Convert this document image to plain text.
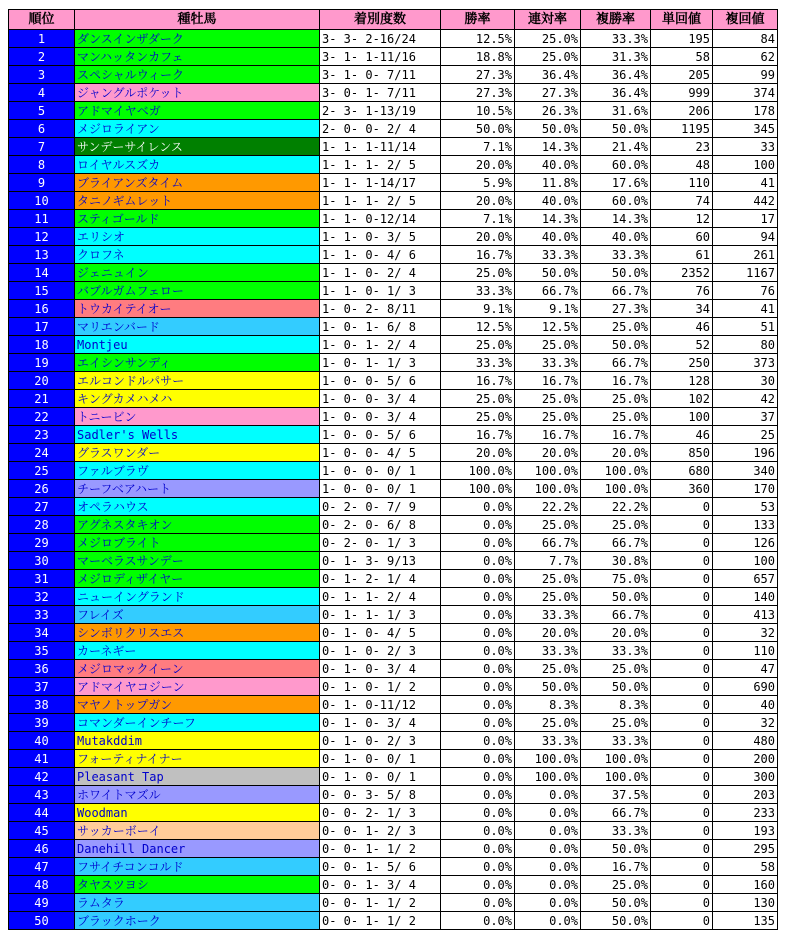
順位	種牡馬	着別度数	勝率	連対率	複勝率	単回値	複回値
1	ダンスインザダーク	3- 3- 2-16/24	12.5%	25.0%	33.3%	195	84
2	マンハッタンカフェ	3- 1- 1-11/16	18.8%	25.0%	31.3%	58	62
3	スペシャルウィーク	3- 1- 0- 7/11	27.3%	36.4%	36.4%	205	99
4	ジャングルポケット	3- 0- 1- 7/11	27.3%	27.3%	36.4%	999	374
5	アドマイヤベガ	2- 3- 1-13/19	10.5%	26.3%	31.6%	206	178
6	メジロライアン	2- 0- 0- 2/ 4	50.0%	50.0%	50.0%	1195	345
7	サンデーサイレンス	1- 1- 1-11/14	7.1%	14.3%	21.4%	23	33
8	ロイヤルスズカ	1- 1- 1- 2/ 5	20.0%	40.0%	60.0%	48	100
9	ブライアンズタイム	1- 1- 1-14/17	5.9%	11.8%	17.6%	110	41
10	タニノギムレット	1- 1- 1- 2/ 5	20.0%	40.0%	60.0%	74	442
11	スティゴールド	1- 1- 0-12/14	7.1%	14.3%	14.3%	12	17
12	エリシオ	1- 1- 0- 3/ 5	20.0%	40.0%	40.0%	60	94
13	クロフネ	1- 1- 0- 4/ 6	16.7%	33.3%	33.3%	61	261
14	ジェニュイン	1- 1- 0- 2/ 4	25.0%	50.0%	50.0%	2352	1167
15	バブルガムフェロー	1- 1- 0- 1/ 3	33.3%	66.7%	66.7%	76	76
16	トウカイテイオー	1- 0- 2- 8/11	9.1%	9.1%	27.3%	34	41
17	マリエンバード	1- 0- 1- 6/ 8	12.5%	12.5%	25.0%	46	51
18	Montjeu	1- 0- 1- 2/ 4	25.0%	25.0%	50.0%	52	80
19	エイシンサンディ	1- 0- 1- 1/ 3	33.3%	33.3%	66.7%	250	373
20	エルコンドルパサー	1- 0- 0- 5/ 6	16.7%	16.7%	16.7%	128	30
21	キングカメハメハ	1- 0- 0- 3/ 4	25.0%	25.0%	25.0%	102	42
22	トニービン	1- 0- 0- 3/ 4	25.0%	25.0%	25.0%	100	37
23	Sadler's Wells	1- 0- 0- 5/ 6	16.7%	16.7%	16.7%	46	25
24	グラスワンダー	1- 0- 0- 4/ 5	20.0%	20.0%	20.0%	850	196
25	ファルブラヴ	1- 0- 0- 0/ 1	100.0%	100.0%	100.0%	680	340
26	チーフベアハート	1- 0- 0- 0/ 1	100.0%	100.0%	100.0%	360	170
27	オペラハウス	0- 2- 0- 7/ 9	0.0%	22.2%	22.2%	0	53
28	アグネスタキオン	0- 2- 0- 6/ 8	0.0%	25.0%	25.0%	0	133
29	メジロブライト	0- 2- 0- 1/ 3	0.0%	66.7%	66.7%	0	126
30	マーベラスサンデー	0- 1- 3- 9/13	0.0%	7.7%	30.8%	0	100
31	メジロディザイヤー	0- 1- 2- 1/ 4	0.0%	25.0%	75.0%	0	657
32	ニューイングランド	0- 1- 1- 2/ 4	0.0%	25.0%	50.0%	0	140
33	フレイズ	0- 1- 1- 1/ 3	0.0%	33.3%	66.7%	0	413
34	シンボリクリスエス	0- 1- 0- 4/ 5	0.0%	20.0%	20.0%	0	32
35	カーネギー	0- 1- 0- 2/ 3	0.0%	33.3%	33.3%	0	110
36	メジロマックイーン	0- 1- 0- 3/ 4	0.0%	25.0%	25.0%	0	47
37	アドマイヤコジーン	0- 1- 0- 1/ 2	0.0%	50.0%	50.0%	0	690
38	マヤノトップガン	0- 1- 0-11/12	0.0%	8.3%	8.3%	0	40
39	コマンダーインチーフ	0- 1- 0- 3/ 4	0.0%	25.0%	25.0%	0	32
40	Mutakddim	0- 1- 0- 2/ 3	0.0%	33.3%	33.3%	0	480
41	フォーティナイナー	0- 1- 0- 0/ 1	0.0%	100.0%	100.0%	0	200
42	Pleasant Tap	0- 1- 0- 0/ 1	0.0%	100.0%	100.0%	0	300
43	ホワイトマズル	0- 0- 3- 5/ 8	0.0%	0.0%	37.5%	0	203
44	Woodman	0- 0- 2- 1/ 3	0.0%	0.0%	66.7%	0	233
45	サッカーボーイ	0- 0- 1- 2/ 3	0.0%	0.0%	33.3%	0	193
46	Danehill Dancer	0- 0- 1- 1/ 2	0.0%	0.0%	50.0%	0	295
47	フサイチコンコルド	0- 0- 1- 5/ 6	0.0%	0.0%	16.7%	0	58
48	タヤスツヨシ	0- 0- 1- 3/ 4	0.0%	0.0%	25.0%	0	160
49	ラムタラ	0- 0- 1- 1/ 2	0.0%	0.0%	50.0%	0	130
50	ブラックホーク	0- 0- 1- 1/ 2	0.0%	0.0%	50.0%	0	135
